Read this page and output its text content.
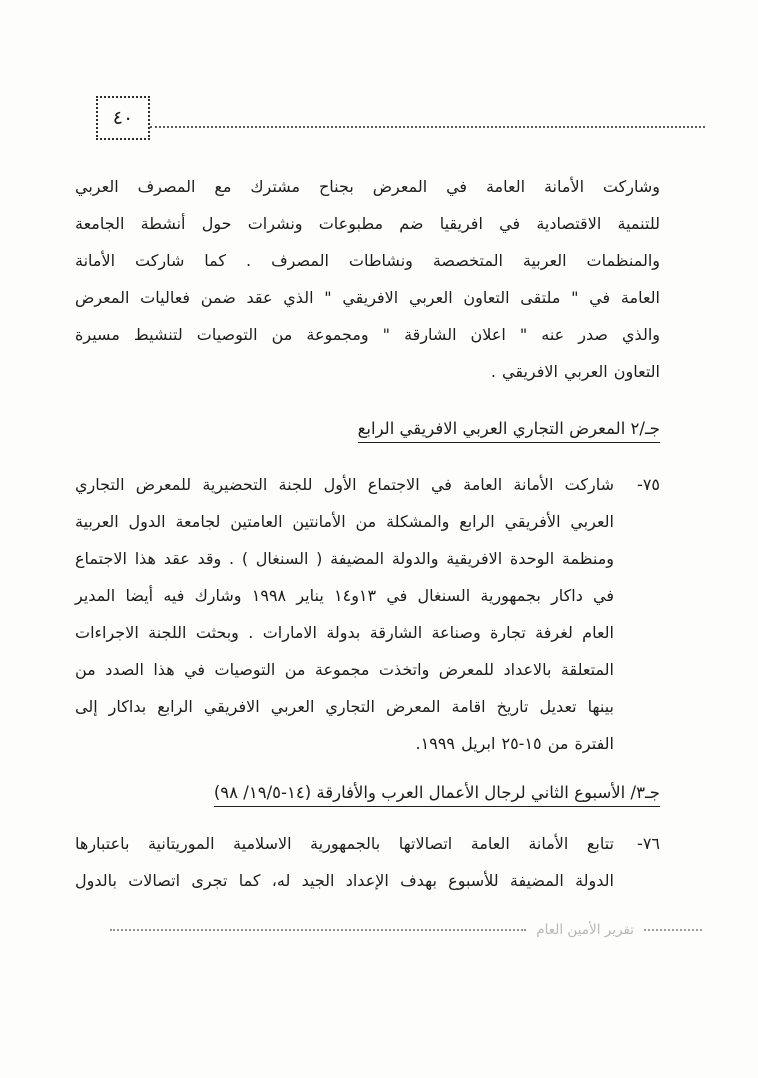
٤٠
وشاركت الأمانة العامة في المعرض بجناح مشترك مع المصرف العربي
للتنمية الاقتصادية في افريقيا ضم مطبوعات ونشرات حول أنشطة الجامعة
والمنظمات العربية المتخصصة ونشاطات المصرف . كما شاركت الأمانة
العامة في " ملتقى التعاون العربي الافريقي " الذي عقد ضمن فعاليات المعرض
والذي صدر عنه " اعلان الشارقة " ومجموعة من التوصيات لتنشيط مسيرة
التعاون العربي الافريقي .
جـ/٢ المعرض التجاري العربي الافريقي الرابع
٧٥-
شاركت الأمانة العامة في الاجتماع الأول للجنة التحضيرية للمعرض التجاري
العربي الأفريقي الرابع والمشكلة من الأمانتين العامتين لجامعة الدول العربية
ومنظمة الوحدة الافريقية والدولة المضيفة ( السنغال ) . وقد عقد هذا الاجتماع
في داكار بجمهورية السنغال في ١٣و١٤ يناير ١٩٩٨ وشارك فيه أيضا المدير
العام لغرفة تجارة وصناعة الشارقة بدولة الامارات . وبحثت اللجنة الاجراءات
المتعلقة بالاعداد للمعرض واتخذت مجموعة من التوصيات في هذا الصدد من
بينها تعديل تاريخ اقامة المعرض التجاري العربي الافريقي الرابع بداكار إلى
الفترة من ١٥-٢٥ ابريل ١٩٩٩.
جـ٣/ الأسبوع الثاني لرجال الأعمال العرب والأفارقة (١٤-١٩/٥/ ٩٨)
٧٦-
تتابع الأمانة العامة اتصالاتها بالجمهورية الاسلامية الموريتانية باعتبارها
الدولة المضيفة للأسبوع بهدف الإعداد الجيد له، كما تجرى اتصالات بالدول
تقرير الأمين العام
